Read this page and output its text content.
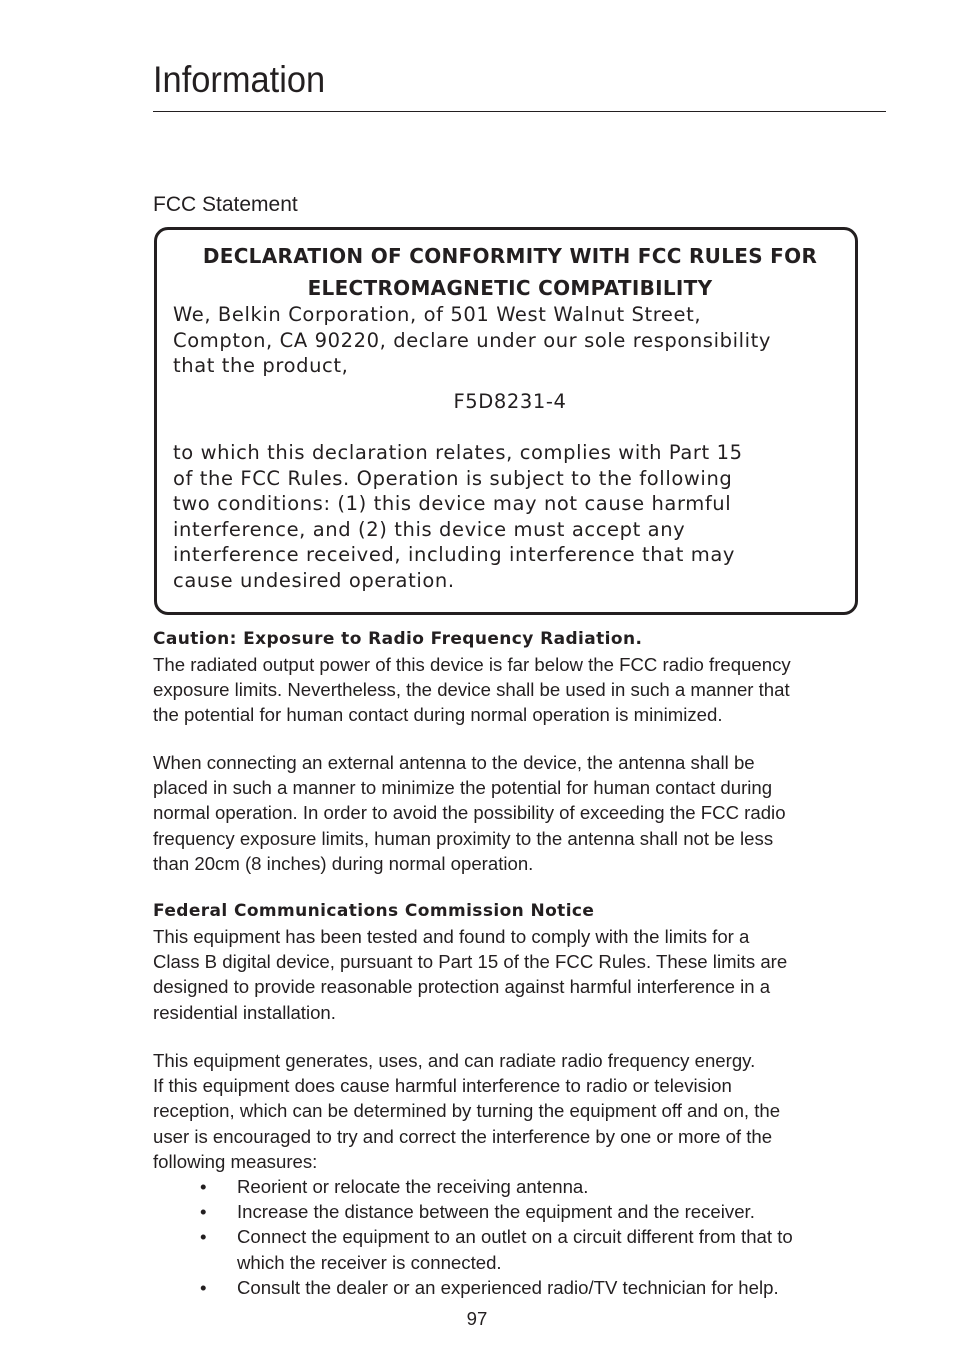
Information
FCC Statement
DECLARATION OF CONFORMITY WITH FCC RULES FOR
ELECTROMAGNETIC COMPATIBILITY
We, Belkin Corporation, of 501 West Walnut Street,
Compton, CA 90220, declare under our sole responsibility
that the product,
F5D8231-4
to which this declaration relates, complies with Part 15
of the FCC Rules. Operation is subject to the following
two conditions: (1) this device may not cause harmful
interference, and (2) this device must accept any
interference received, including interference that may
cause undesired operation.
Caution: Exposure to Radio Frequency Radiation.
The radiated output power of this device is far below the FCC radio frequency
exposure limits. Nevertheless, the device shall be used in such a manner that
the potential for human contact during normal operation is minimized.
When connecting an external antenna to the device, the antenna shall be
placed in such a manner to minimize the potential for human contact during
normal operation. In order to avoid the possibility of exceeding the FCC radio
frequency exposure limits, human proximity to the antenna shall not be less
than 20cm (8 inches) during normal operation.
Federal Communications Commission Notice
This equipment has been tested and found to comply with the limits for a
Class B digital device, pursuant to Part 15 of the FCC Rules. These limits are
designed to provide reasonable protection against harmful interference in a
residential installation.
This equipment generates, uses, and can radiate radio frequency energy.
If this equipment does cause harmful interference to radio or television
reception, which can be determined by turning the equipment off and on, the
user is encouraged to try and correct the interference by one or more of the
following measures:
• Reorient or relocate the receiving antenna.
• Increase the distance between the equipment and the receiver.
• Connect the equipment to an outlet on a circuit different from that to
which the receiver is connected.
• Consult the dealer or an experienced radio/TV technician for help.
97
